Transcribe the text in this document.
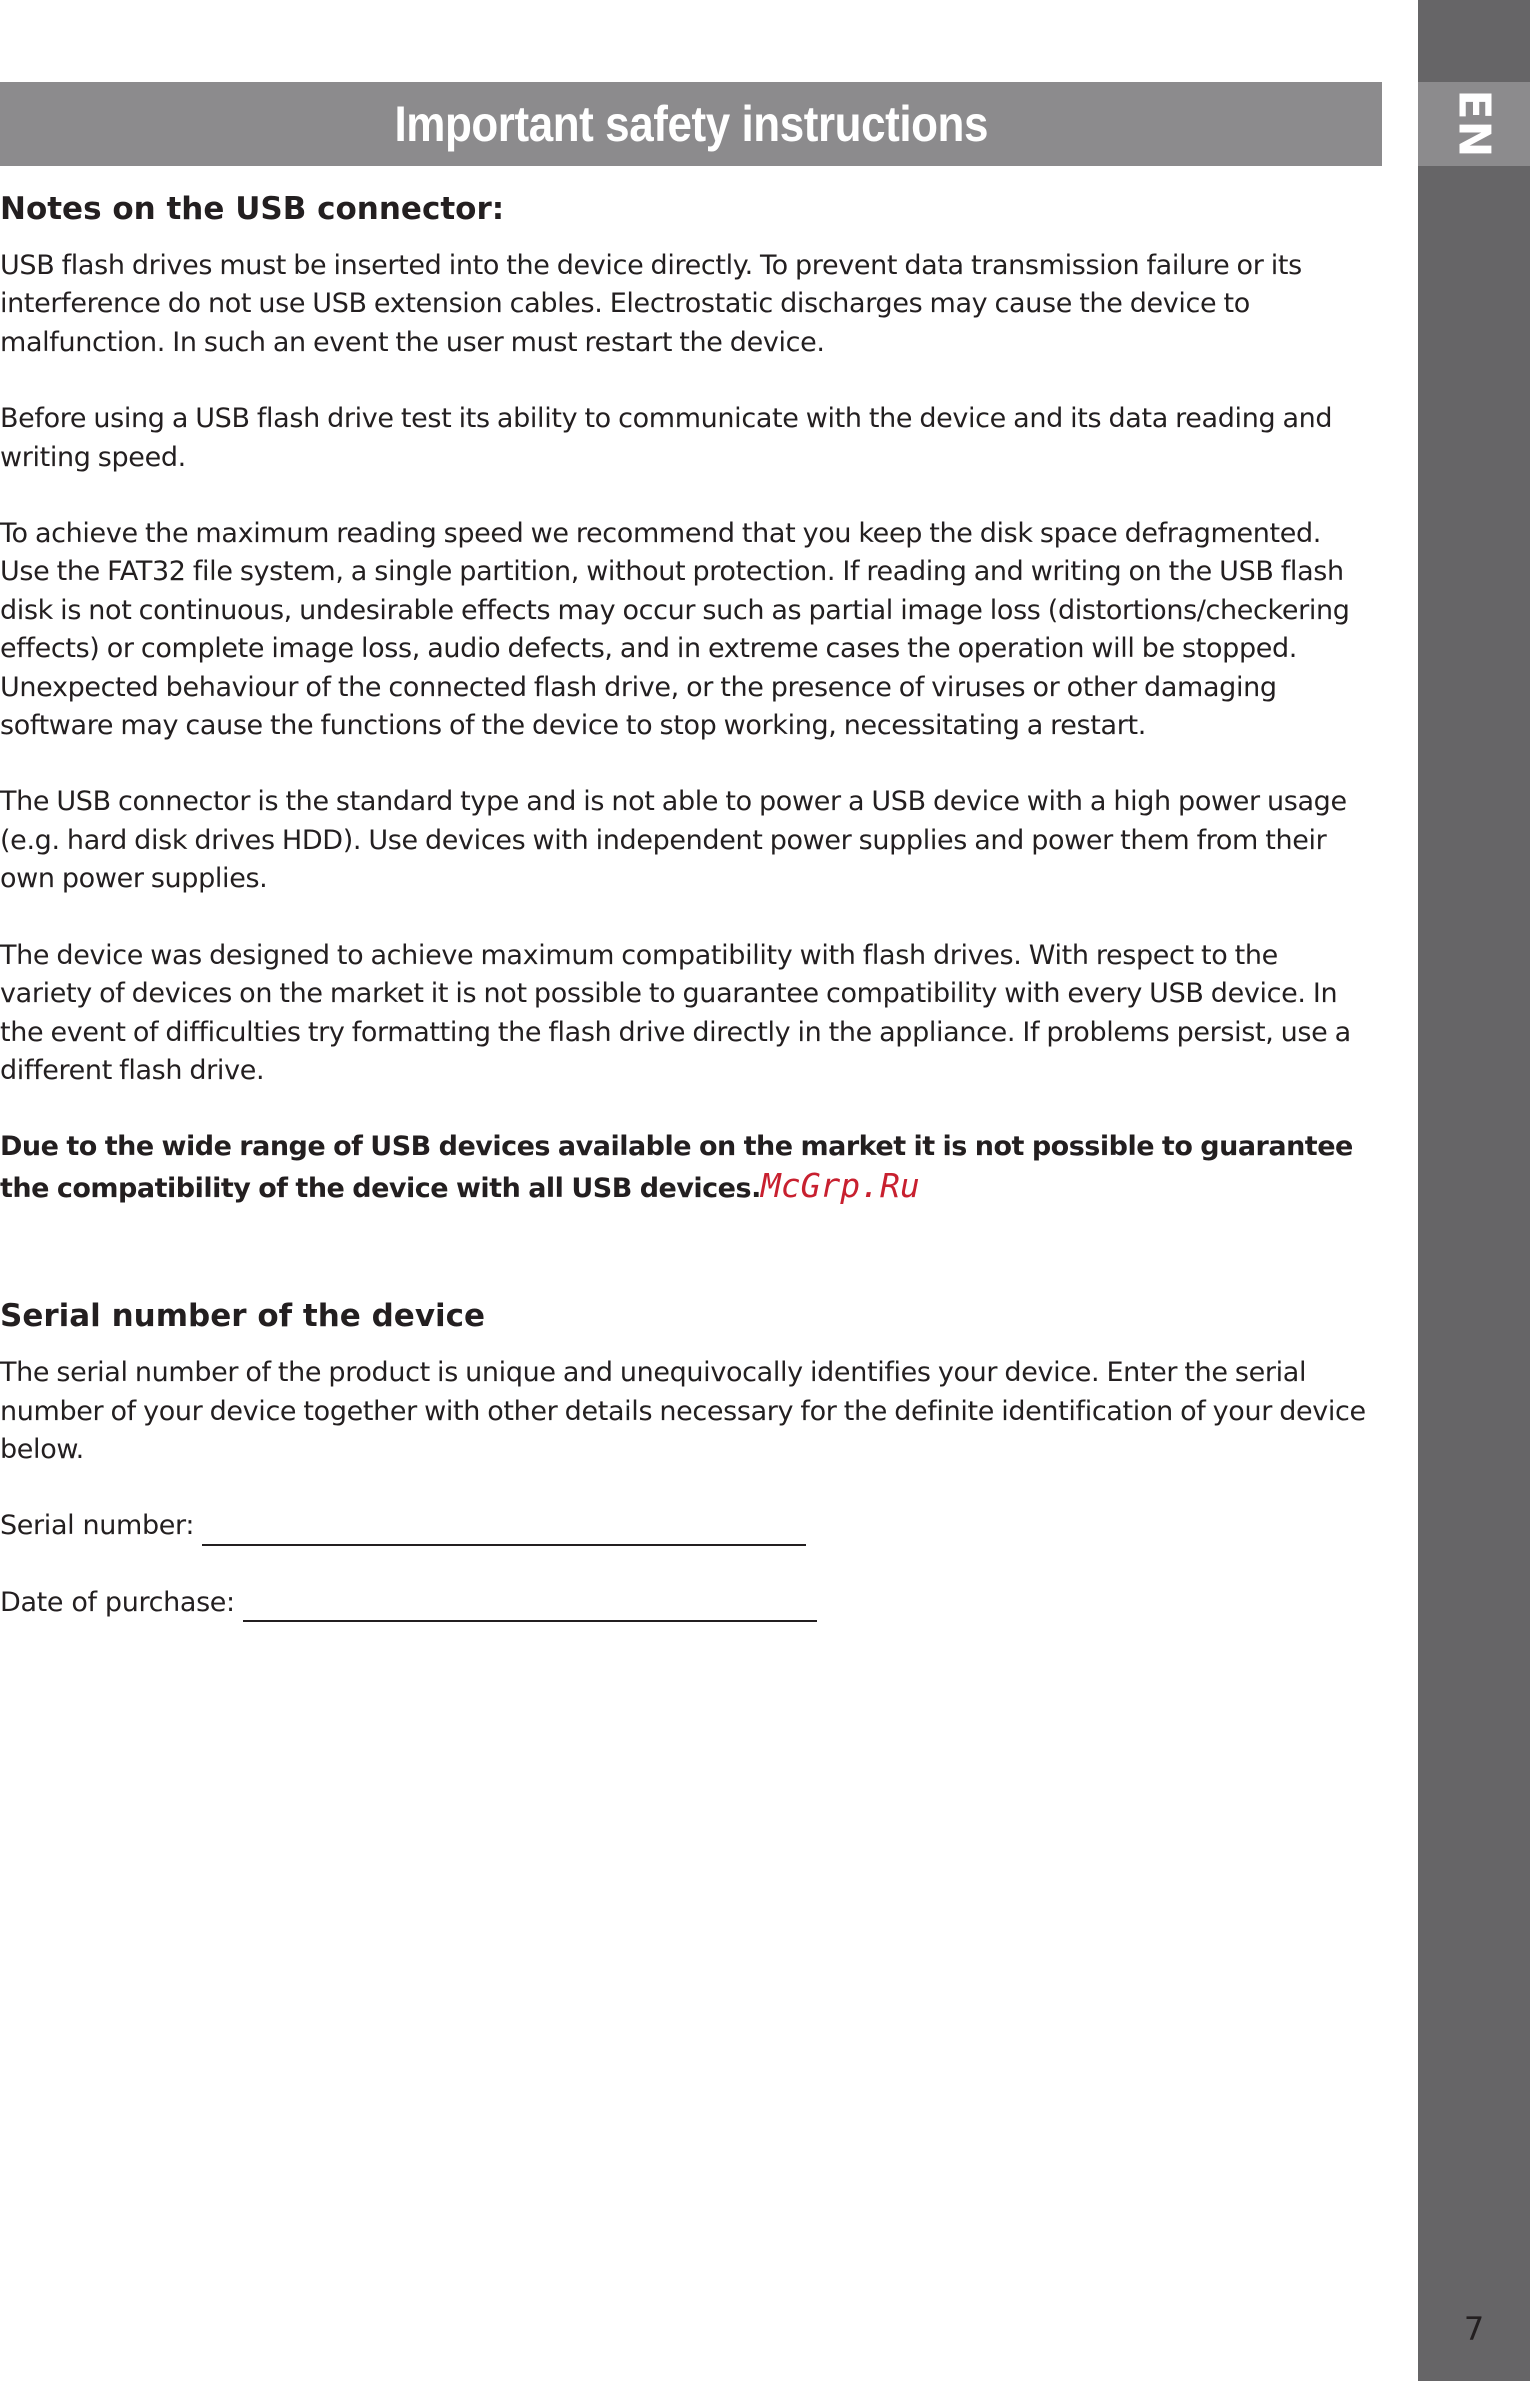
EN
7
Important safety instructions
Notes on the USB connector:

USB flash drives must be inserted into the device directly. To prevent data transmission failure or its interference do not use USB extension cables. Electrostatic discharges may cause the device to malfunction. In such an event the user must restart the device.

Before using a USB flash drive test its ability to communicate with the device and its data reading and writing speed.

To achieve the maximum reading speed we recommend that you keep the disk space defragmented. Use the FAT32 file system, a single partition, without protection. If reading and writing on the USB flash disk is not continuous, undesirable effects may occur such as partial image loss (distortions/checkering effects) or complete image loss, audio defects, and in extreme cases the operation will be stopped. Unexpected behaviour of the connected flash drive, or the presence of viruses or other damaging software may cause the functions of the device to stop working, necessitating a restart.

The USB connector is the standard type and is not able to power a USB device with a high power usage (e.g. hard disk drives HDD). Use devices with independent power supplies and power them from their own power supplies.

The device was designed to achieve maximum compatibility with flash drives. With respect to the variety of devices on the market it is not possible to guarantee compatibility with every USB device. In the event of difficulties try formatting the flash drive directly in the appliance. If problems persist, use a different flash drive.

Due to the wide range of USB devices available on the market it is not possible to guarantee the compatibility of the device with all USB devices.McGrp.Ru

Serial number of the device

The serial number of the product is unique and unequivocally identifies your device. Enter the serial number of your device together with other details necessary for the definite identification of your device below.

Serial number:
Date of purchase:
